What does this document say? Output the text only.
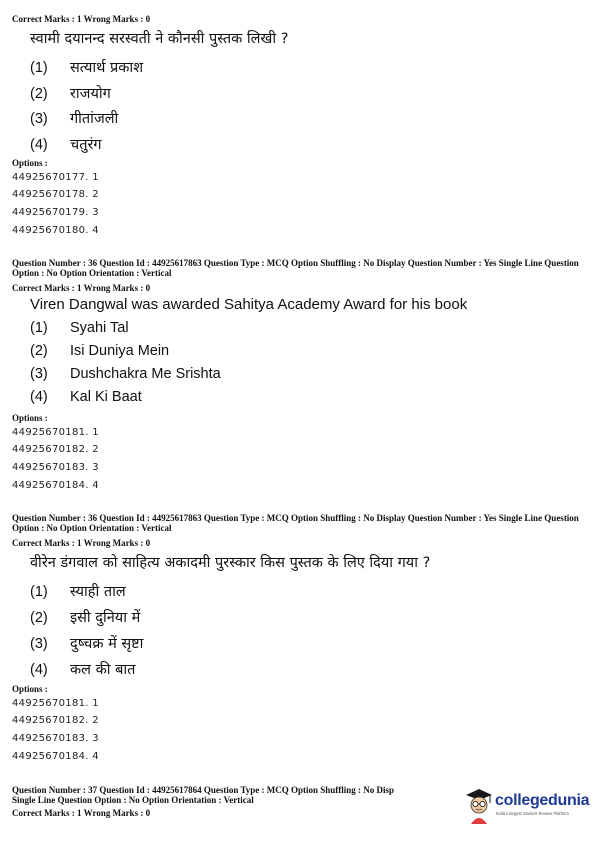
Correct Marks : 1 Wrong Marks : 0
स्वामी दयानन्द सरस्वती ने कौनसी पुस्तक लिखी ?
(1) सत्यार्थ प्रकाश
(2) राजयोग
(3) गीतांजली
(4) चतुरंग
Options :
44925670177. 1
44925670178. 2
44925670179. 3
44925670180. 4
Question Number : 36 Question Id : 44925617863 Question Type : MCQ Option Shuffling : No Display Question Number : Yes Single Line Question Option : No Option Orientation : Vertical
Correct Marks : 1 Wrong Marks : 0
Viren Dangwal was awarded Sahitya Academy Award for his book
(1) Syahi Tal
(2) Isi Duniya Mein
(3) Dushchakra Me Srishta
(4) Kal Ki Baat
Options :
44925670181. 1
44925670182. 2
44925670183. 3
44925670184. 4
Question Number : 36 Question Id : 44925617863 Question Type : MCQ Option Shuffling : No Display Question Number : Yes Single Line Question Option : No Option Orientation : Vertical
Correct Marks : 1 Wrong Marks : 0
वीरेन डंगवाल को साहित्य अकादमी पुरस्कार किस पुस्तक के लिए दिया गया ?
(1) स्याही ताल
(2) इसी दुनिया में
(3) दुष्चक्र में सृष्टा
(4) कल की बात
Options :
44925670181. 1
44925670182. 2
44925670183. 3
44925670184. 4
Question Number : 37 Question Id : 44925617864 Question Type : MCQ Option Shuffling : No Disp
Single Line Question Option : No Option Orientation : Vertical
Correct Marks : 1 Wrong Marks : 0
collegedunia
India's largest Student Review Platform
